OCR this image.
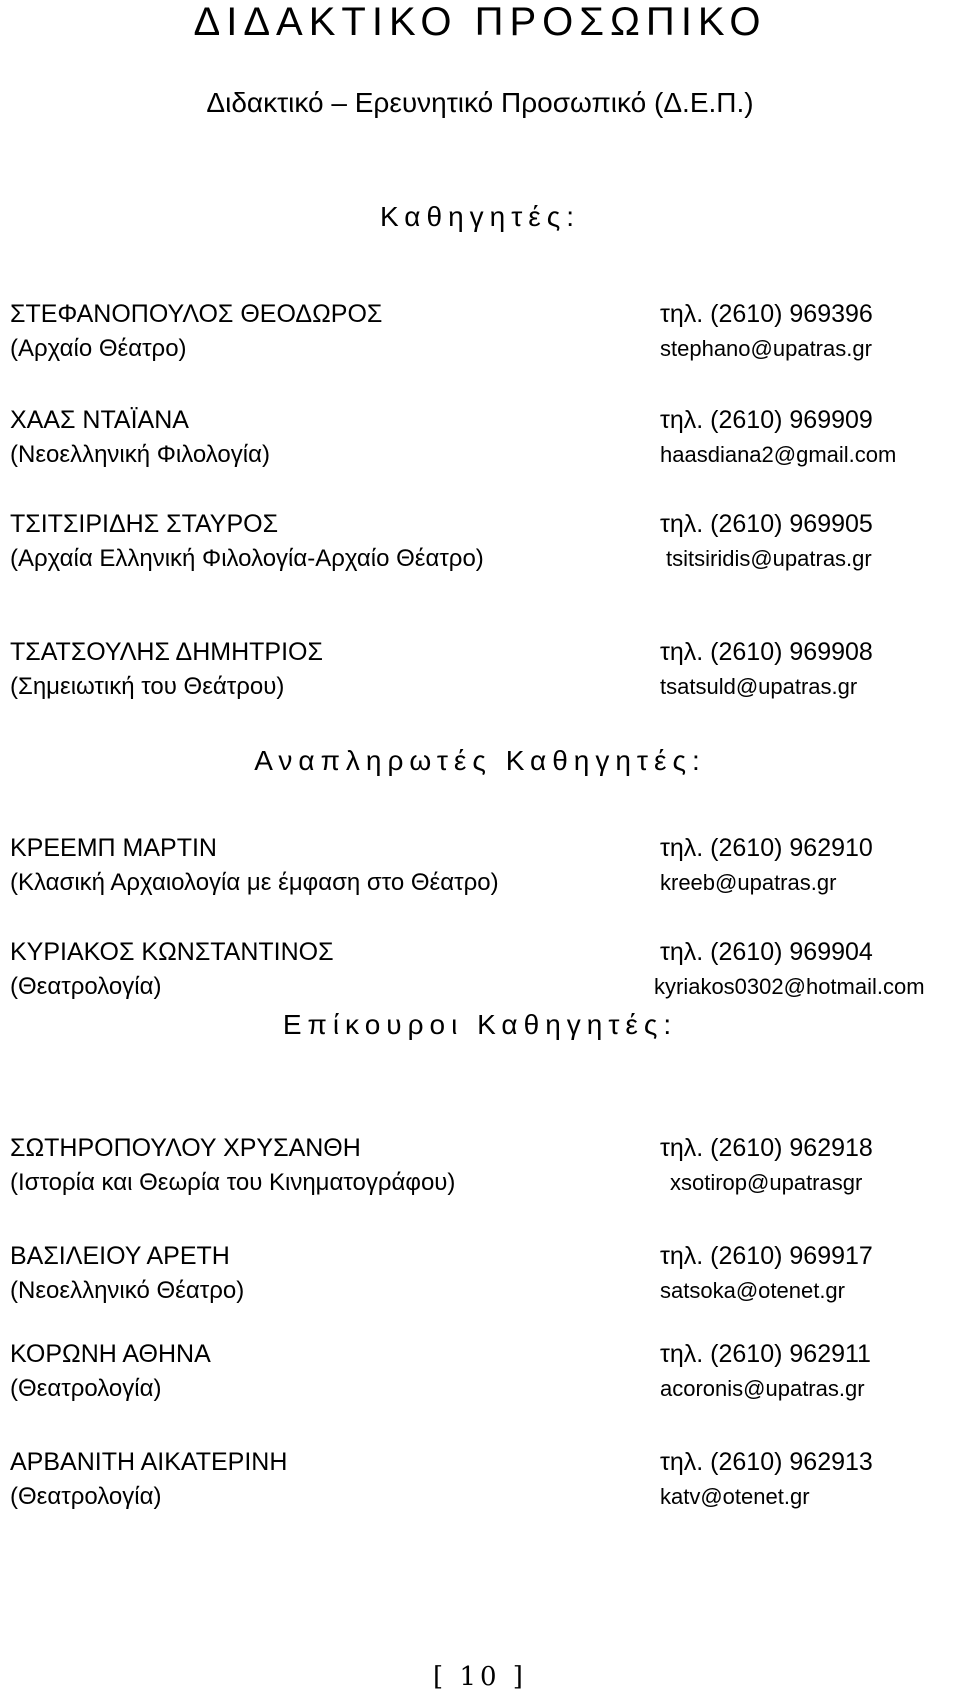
ΔΙΔΑΚΤΙΚΟ ΠΡΟΣΩΠΙΚΟ
Διδακτικό – Ερευνητικό Προσωπικό (Δ.Ε.Π.)
Καθηγητές:
Αναπληρωτές Καθηγητές:
Επίκουροι Καθηγητές:
ΣΤΕΦΑΝΟΠΟΥΛΟΣ ΘΕΟΔΩΡΟΣ	τηλ. (2610) 969396
(Αρχαίο Θέατρο)	stephano@upatras.gr
ΧΑΑΣ ΝΤΑΪΑΝΑ	τηλ. (2610) 969909
(Νεοελληνική Φιλολογία)	haasdiana2@gmail.com
ΤΣΙΤΣΙΡΙΔΗΣ ΣΤΑΥΡΟΣ	τηλ. (2610) 969905
(Αρχαία Ελληνική Φιλολογία-Αρχαίο Θέατρο)	tsitsiridis@upatras.gr
ΤΣΑΤΣΟΥΛΗΣ ΔΗΜΗΤΡΙΟΣ	τηλ. (2610) 969908
(Σημειωτική του Θεάτρου)	tsatsuld@upatras.gr
ΚΡΕΕΜΠ ΜΑΡΤΙΝ	τηλ. (2610) 962910
(Κλασική Αρχαιολογία με έμφαση στο Θέατρο)	kreeb@upatras.gr
ΚΥΡΙΑΚΟΣ ΚΩΝΣΤΑΝΤΙΝΟΣ	τηλ. (2610) 969904
(Θεατρολογία)	kyriakos0302@hotmail.com
ΣΩΤΗΡΟΠΟΥΛΟΥ ΧΡΥΣΑΝΘΗ	τηλ. (2610) 962918
(Ιστορία και Θεωρία του Κινηματογράφου)	xsotirop@upatrasgr
ΒΑΣΙΛΕΙΟΥ ΑΡΕΤΗ	τηλ. (2610) 969917
(Νεοελληνικό Θέατρο)	satsoka@otenet.gr
ΚΟΡΩΝΗ ΑΘΗΝΑ	τηλ. (2610) 962911
(Θεατρολογία)	acoronis@upatras.gr
ΑΡΒΑΝΙΤΗ ΑΙΚΑΤΕΡΙΝΗ	τηλ. (2610) 962913
(Θεατρολογία)	katv@otenet.gr
[ 10 ]
